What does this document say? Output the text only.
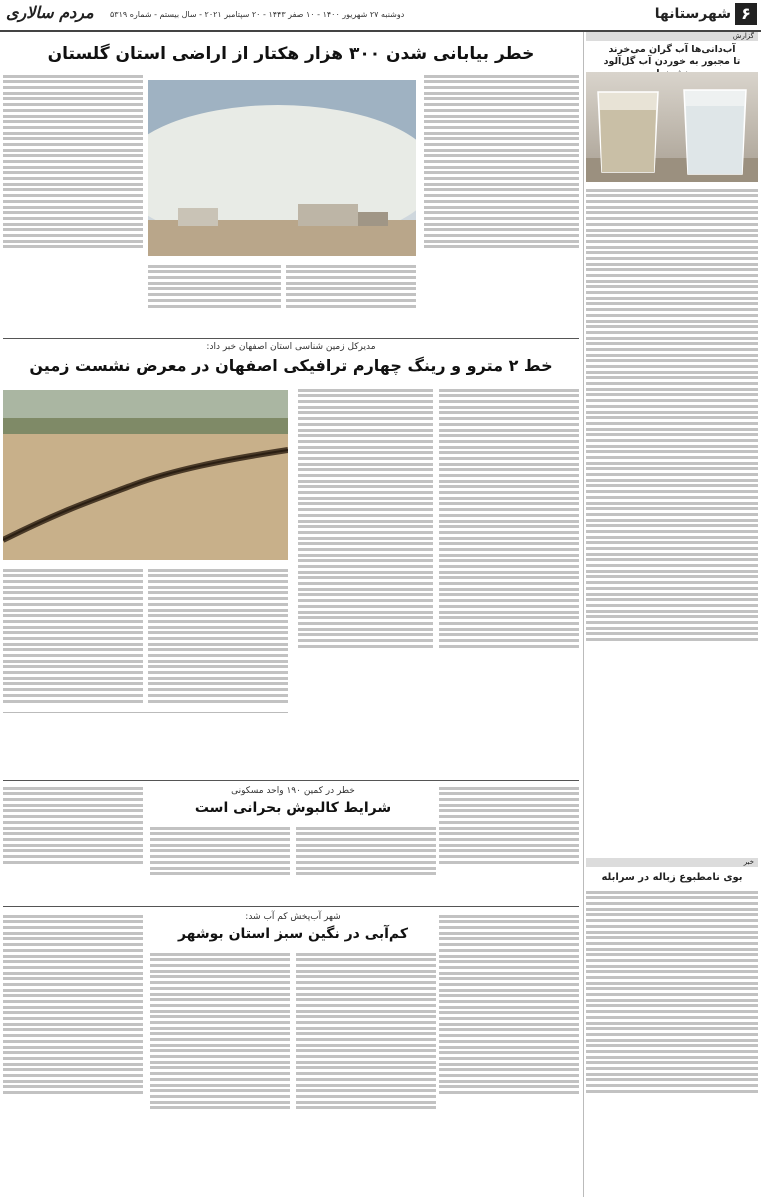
۶
شهرستانها
دوشنبه ۲۷ شهریور ۱۴۰۰ - ۱۰ صفر ۱۴۴۳ - ۲۰ سپتامبر ۲۰۲۱ - سال بیستم - شماره ۵۳۱۹
مردم سالاری
گزارش
آب‌دانی‌ها آب گران می‌خرند
تا مجبور به خوردن آب گل‌آلود
خبر
بوی نامطبوع زباله در سرابله
خطر بیابانی شدن ۳۰۰ هزار هکتار از اراضی استان گلستان
مدیرکل زمین شناسی استان اصفهان خبر داد:
خط ۲ مترو و رینگ چهارم ترافیکی اصفهان در معرض نشست زمین
خطر در کمین ۱۹۰ واحد مسکونی
شرایط کالبوش بحرانی است
شهر آب‌پخش کم آب شد:
کم‌آبی در نگین سبز استان بوشهر
